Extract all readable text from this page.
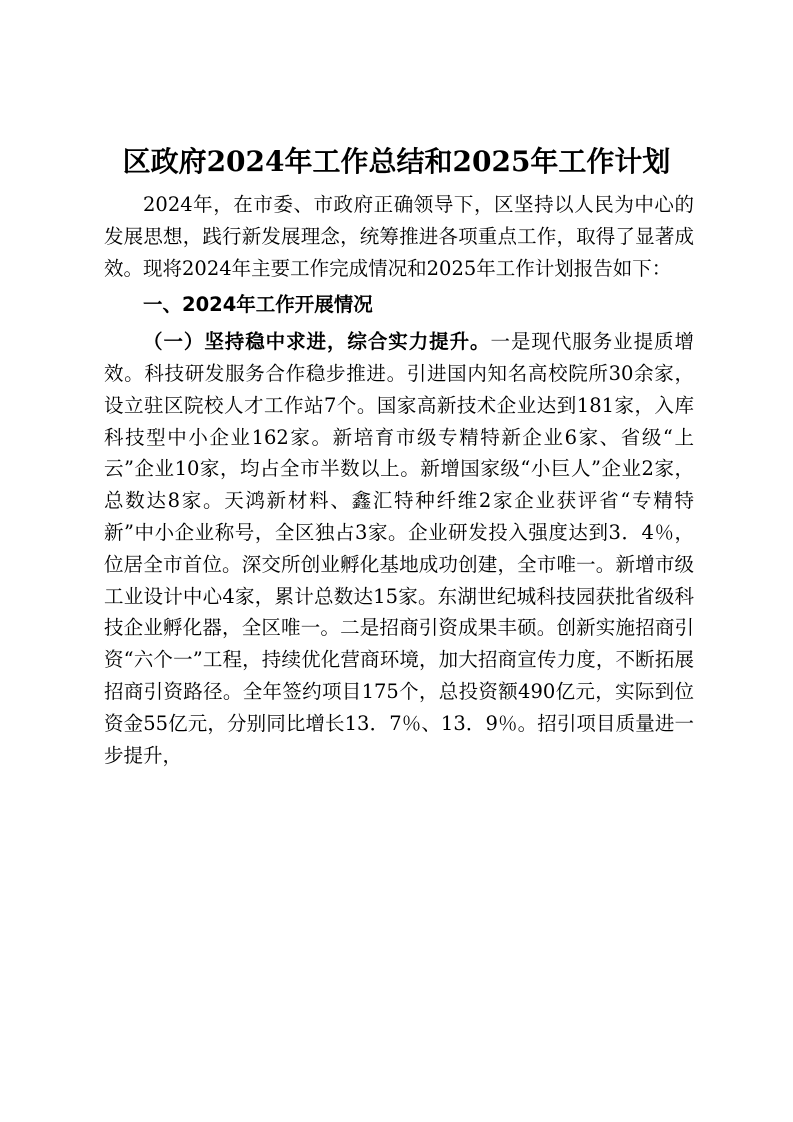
区政府2024年工作总结和2025年工作计划

2024年，在市委、市政府正确领导下，区坚持以人民为中心的发展思想，践行新发展理念，统筹推进各项重点工作，取得了显著成效。现将2024年主要工作完成情况和2025年工作计划报告如下：

一、2024年工作开展情况

（一）坚持稳中求进，综合实力提升。一是现代服务业提质增效。科技研发服务合作稳步推进。引进国内知名高校院所30余家，设立驻区院校人才工作站7个。国家高新技术企业达到181家，入库科技型中小企业162家。新培育市级专精特新企业6家、省级“上云”企业10家，均占全市半数以上。新增国家级“小巨人”企业2家，总数达8家。天鸿新材料、鑫汇特种纤维2家企业获评省“专精特新”中小企业称号，全区独占3家。企业研发投入强度达到3．4％，位居全市首位。深交所创业孵化基地成功创建，全市唯一。新增市级工业设计中心4家，累计总数达15家。东湖世纪城科技园获批省级科技企业孵化器，全区唯一。二是招商引资成果丰硕。创新实施招商引资“六个一”工程，持续优化营商环境，加大招商宣传力度，不断拓展招商引资路径。全年签约项目175个，总投资额490亿元，实际到位资金55亿元，分别同比增长13．7％、13．9％。招引项目质量进一步提升，
